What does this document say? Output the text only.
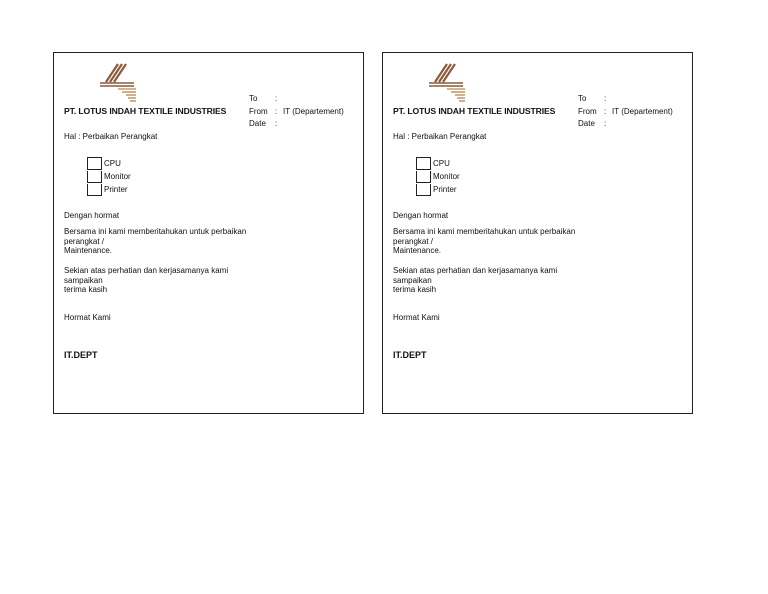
PT. LOTUS INDAH TEXTILE INDUSTRIES
To :
From : IT (Departement)
Date :
Hal : Perbaikan Perangkat
CPU
Monitor
Printer
Dengan hormat
Bersama ini kami memberitahukan untuk perbaikan
perangkat /
Maintenance.
Sekian atas perhatian dan kerjasamanya kami
sampaikan
terima kasih
Hormat Kami
IT.DEPT
PT. LOTUS INDAH TEXTILE INDUSTRIES
To :
From : IT (Departement)
Date :
Hal : Perbaikan Perangkat
CPU
Monitor
Printer
Dengan hormat
Bersama ini kami memberitahukan untuk perbaikan
perangkat /
Maintenance.
Sekian atas perhatian dan kerjasamanya kami
sampaikan
terima kasih
Hormat Kami
IT.DEPT
